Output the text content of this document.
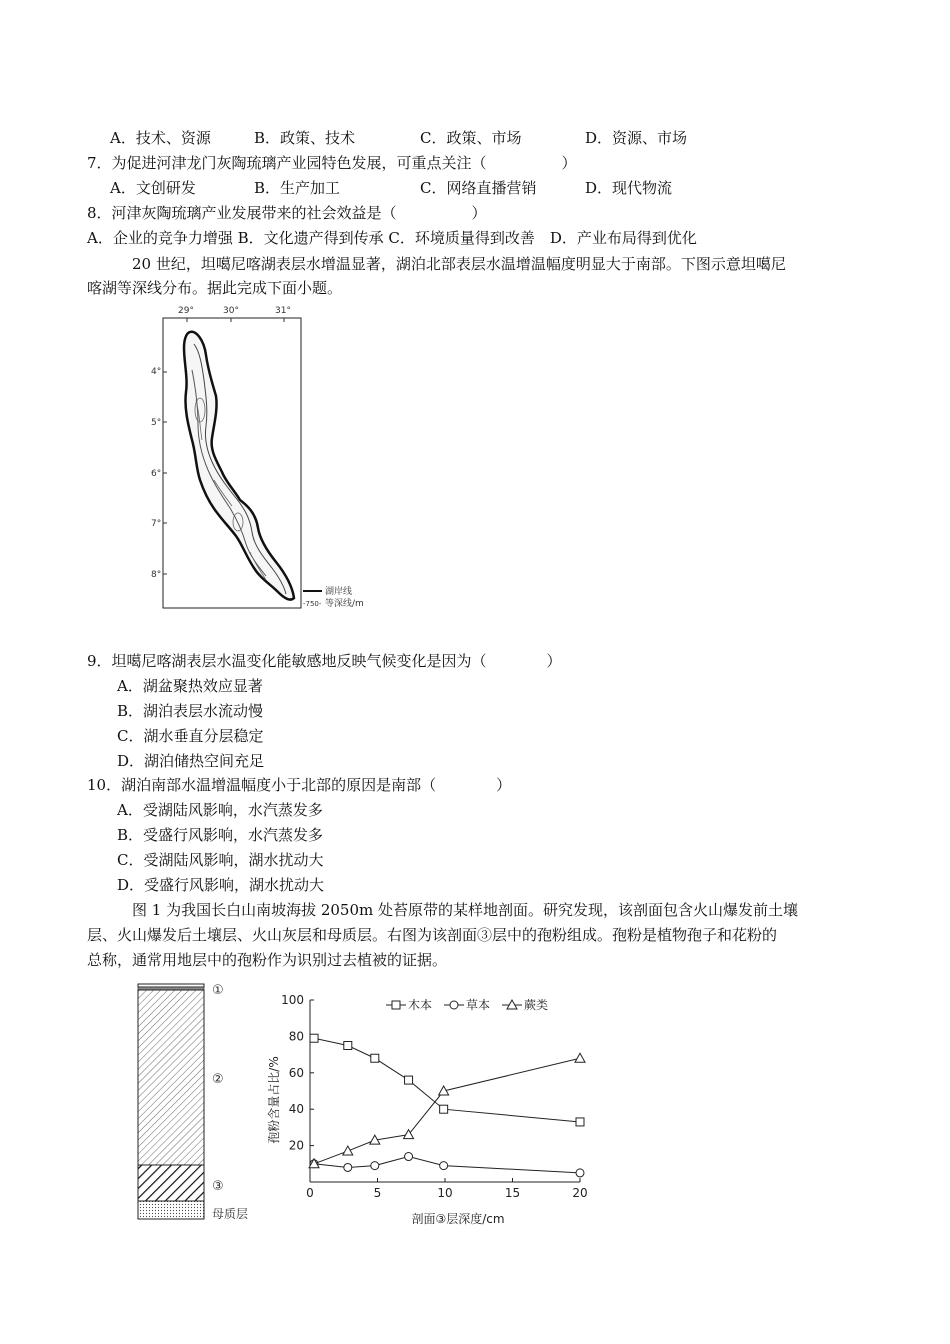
A．技术、资源	B．政策、技术	C．政策、市场	D．资源、市场
7．为促进河津龙门灰陶琉璃产业园特色发展，可重点关注（　　　　　）
A．文创研发	B．生产加工	C．网络直播营销	D．现代物流
8．河津灰陶琉璃产业发展带来的社会效益是（　　　　　）
A．企业的竞争力增强 B．文化遗产得到传承 C．环境质量得到改善　D．产业布局得到优化
20 世纪，坦噶尼喀湖表层水增温显著，湖泊北部表层水温增温幅度明显大于南部。下图示意坦噶尼
喀湖等深线分布。据此完成下面小题。
29°	30°	31°
4°
5°
6°
7°
8°
湖岸线
-750- 等深线/m
9．坦噶尼喀湖表层水温变化能敏感地反映气候变化是因为（　　　　）
A．湖盆聚热效应显著
B．湖泊表层水流动慢
C．湖水垂直分层稳定
D．湖泊储热空间充足
10．湖泊南部水温增温幅度小于北部的原因是南部（　　　　）
A．受湖陆风影响，水汽蒸发多
B．受盛行风影响，水汽蒸发多
C．受湖陆风影响，湖水扰动大
D．受盛行风影响，湖水扰动大
图 1 为我国长白山南坡海拔 2050m 处苔原带的某样地剖面。研究发现，该剖面包含火山爆发前土壤
层、火山爆发后土壤层、火山灰层和母质层。右图为该剖面③层中的孢粉组成。孢粉是植物孢子和花粉的
总称，通常用地层中的孢粉作为识别过去植被的证据。
①
②
③
母质层
20
40
60
80
100
0	5	10	15	20
木本	草本	蕨类
剖面③层深度/cm
孢粉含量占比/%
